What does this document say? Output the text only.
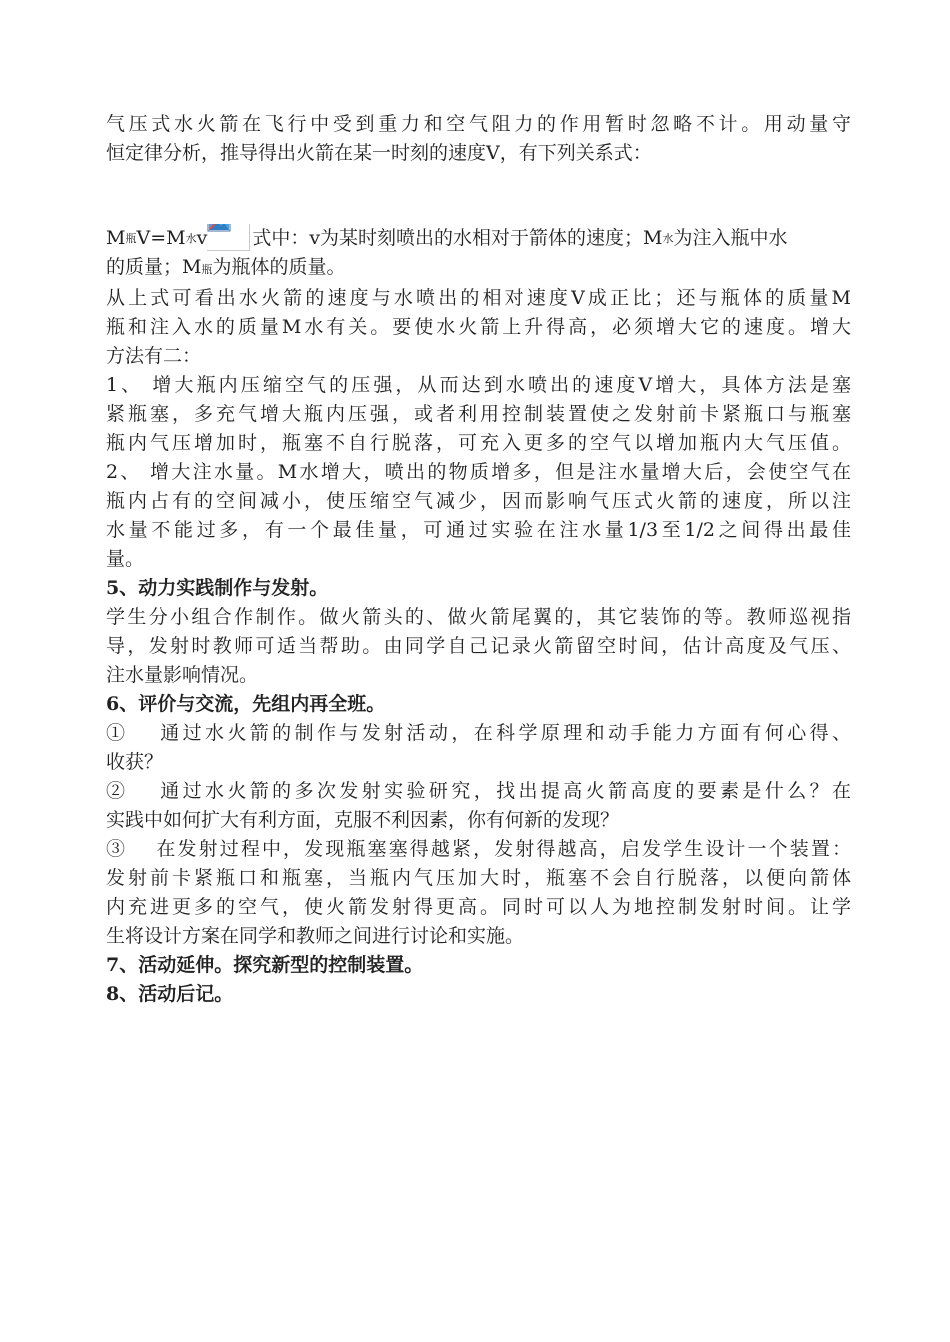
气压式水火箭在飞行中受到重力和空气阻力的作用暂时忽略不计。用动量守
恒定律分析，推导得出火箭在某一时刻的速度V，有下列关系式：
M 瓶 V=M 水 v 式中：v为某时刻喷出的水相对于箭体的速度；M 水 为注入瓶中水
的质量；M瓶为瓶体的质量。
从上式可看出水火箭的速度与水喷出的相对速度V成正比；还与瓶体的质量M
瓶和注入水的质量M水有关。要使水火箭上升得高，必须增大它的速度。增大
方法有二：
1、 增大瓶内压缩空气的压强，从而达到水喷出的速度V增大，具体方法是塞
紧瓶塞，多充气增大瓶内压强，或者利用控制装置使之发射前卡紧瓶口与瓶塞
瓶内气压增加时，瓶塞不自行脱落，可充入更多的空气以增加瓶内大气压值。
2、 增大注水量。M水增大，喷出的物质增多，但是注水量增大后，会使空气在
瓶内占有的空间减小，使压缩空气减少，因而影响气压式火箭的速度，所以注
水量不能过多，有一个最佳量，可通过实验在注水量1/3至1/2之间得出最佳
量。
5、动力实践制作与发射。
学生分小组合作制作。做火箭头的、做火箭尾翼的，其它装饰的等。教师巡视指
导，发射时教师可适当帮助。由同学自己记录火箭留空时间，估计高度及气压、
注水量影响情况。
6、评价与交流，先组内再全班。
①　 通过水火箭的制作与发射活动，在科学原理和动手能力方面有何心得、
收获？
②　 通过水火箭的多次发射实验研究，找出提高火箭高度的要素是什么？在
实践中如何扩大有利方面，克服不利因素，你有何新的发现？
③　 在发射过程中，发现瓶塞塞得越紧，发射得越高，启发学生设计一个装置：
发射前卡紧瓶口和瓶塞，当瓶内气压加大时，瓶塞不会自行脱落，以便向箭体
内充进更多的空气，使火箭发射得更高。同时可以人为地控制发射时间。让学
生将设计方案在同学和教师之间进行讨论和实施。
7、活动延伸。探究新型的控制装置。
8、活动后记。
